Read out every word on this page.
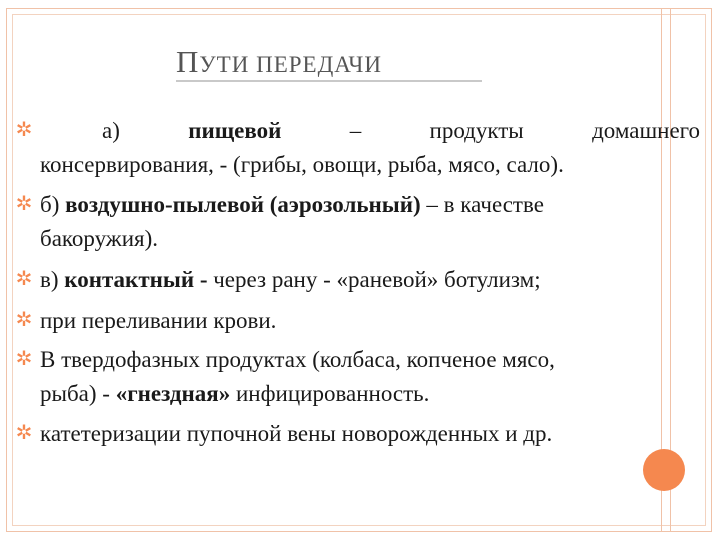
ПУТИ ПЕРЕДАЧИ
✲	а)	пищевой	–	продукты	домашнего
консервирования, - (грибы, овощи, рыба, мясо, сало).
✲ б) воздушно-пылевой (аэрозольный) – в качестве
бакоружия).
✲ в) контактный - через рану - «раневой» ботулизм;
✲ при переливании крови.
✲ В твердофазных продуктах (колбаса, копченое мясо,
рыба) - «гнездная» инфицированность.
✲ катетеризации пупочной вены новорожденных и др.
